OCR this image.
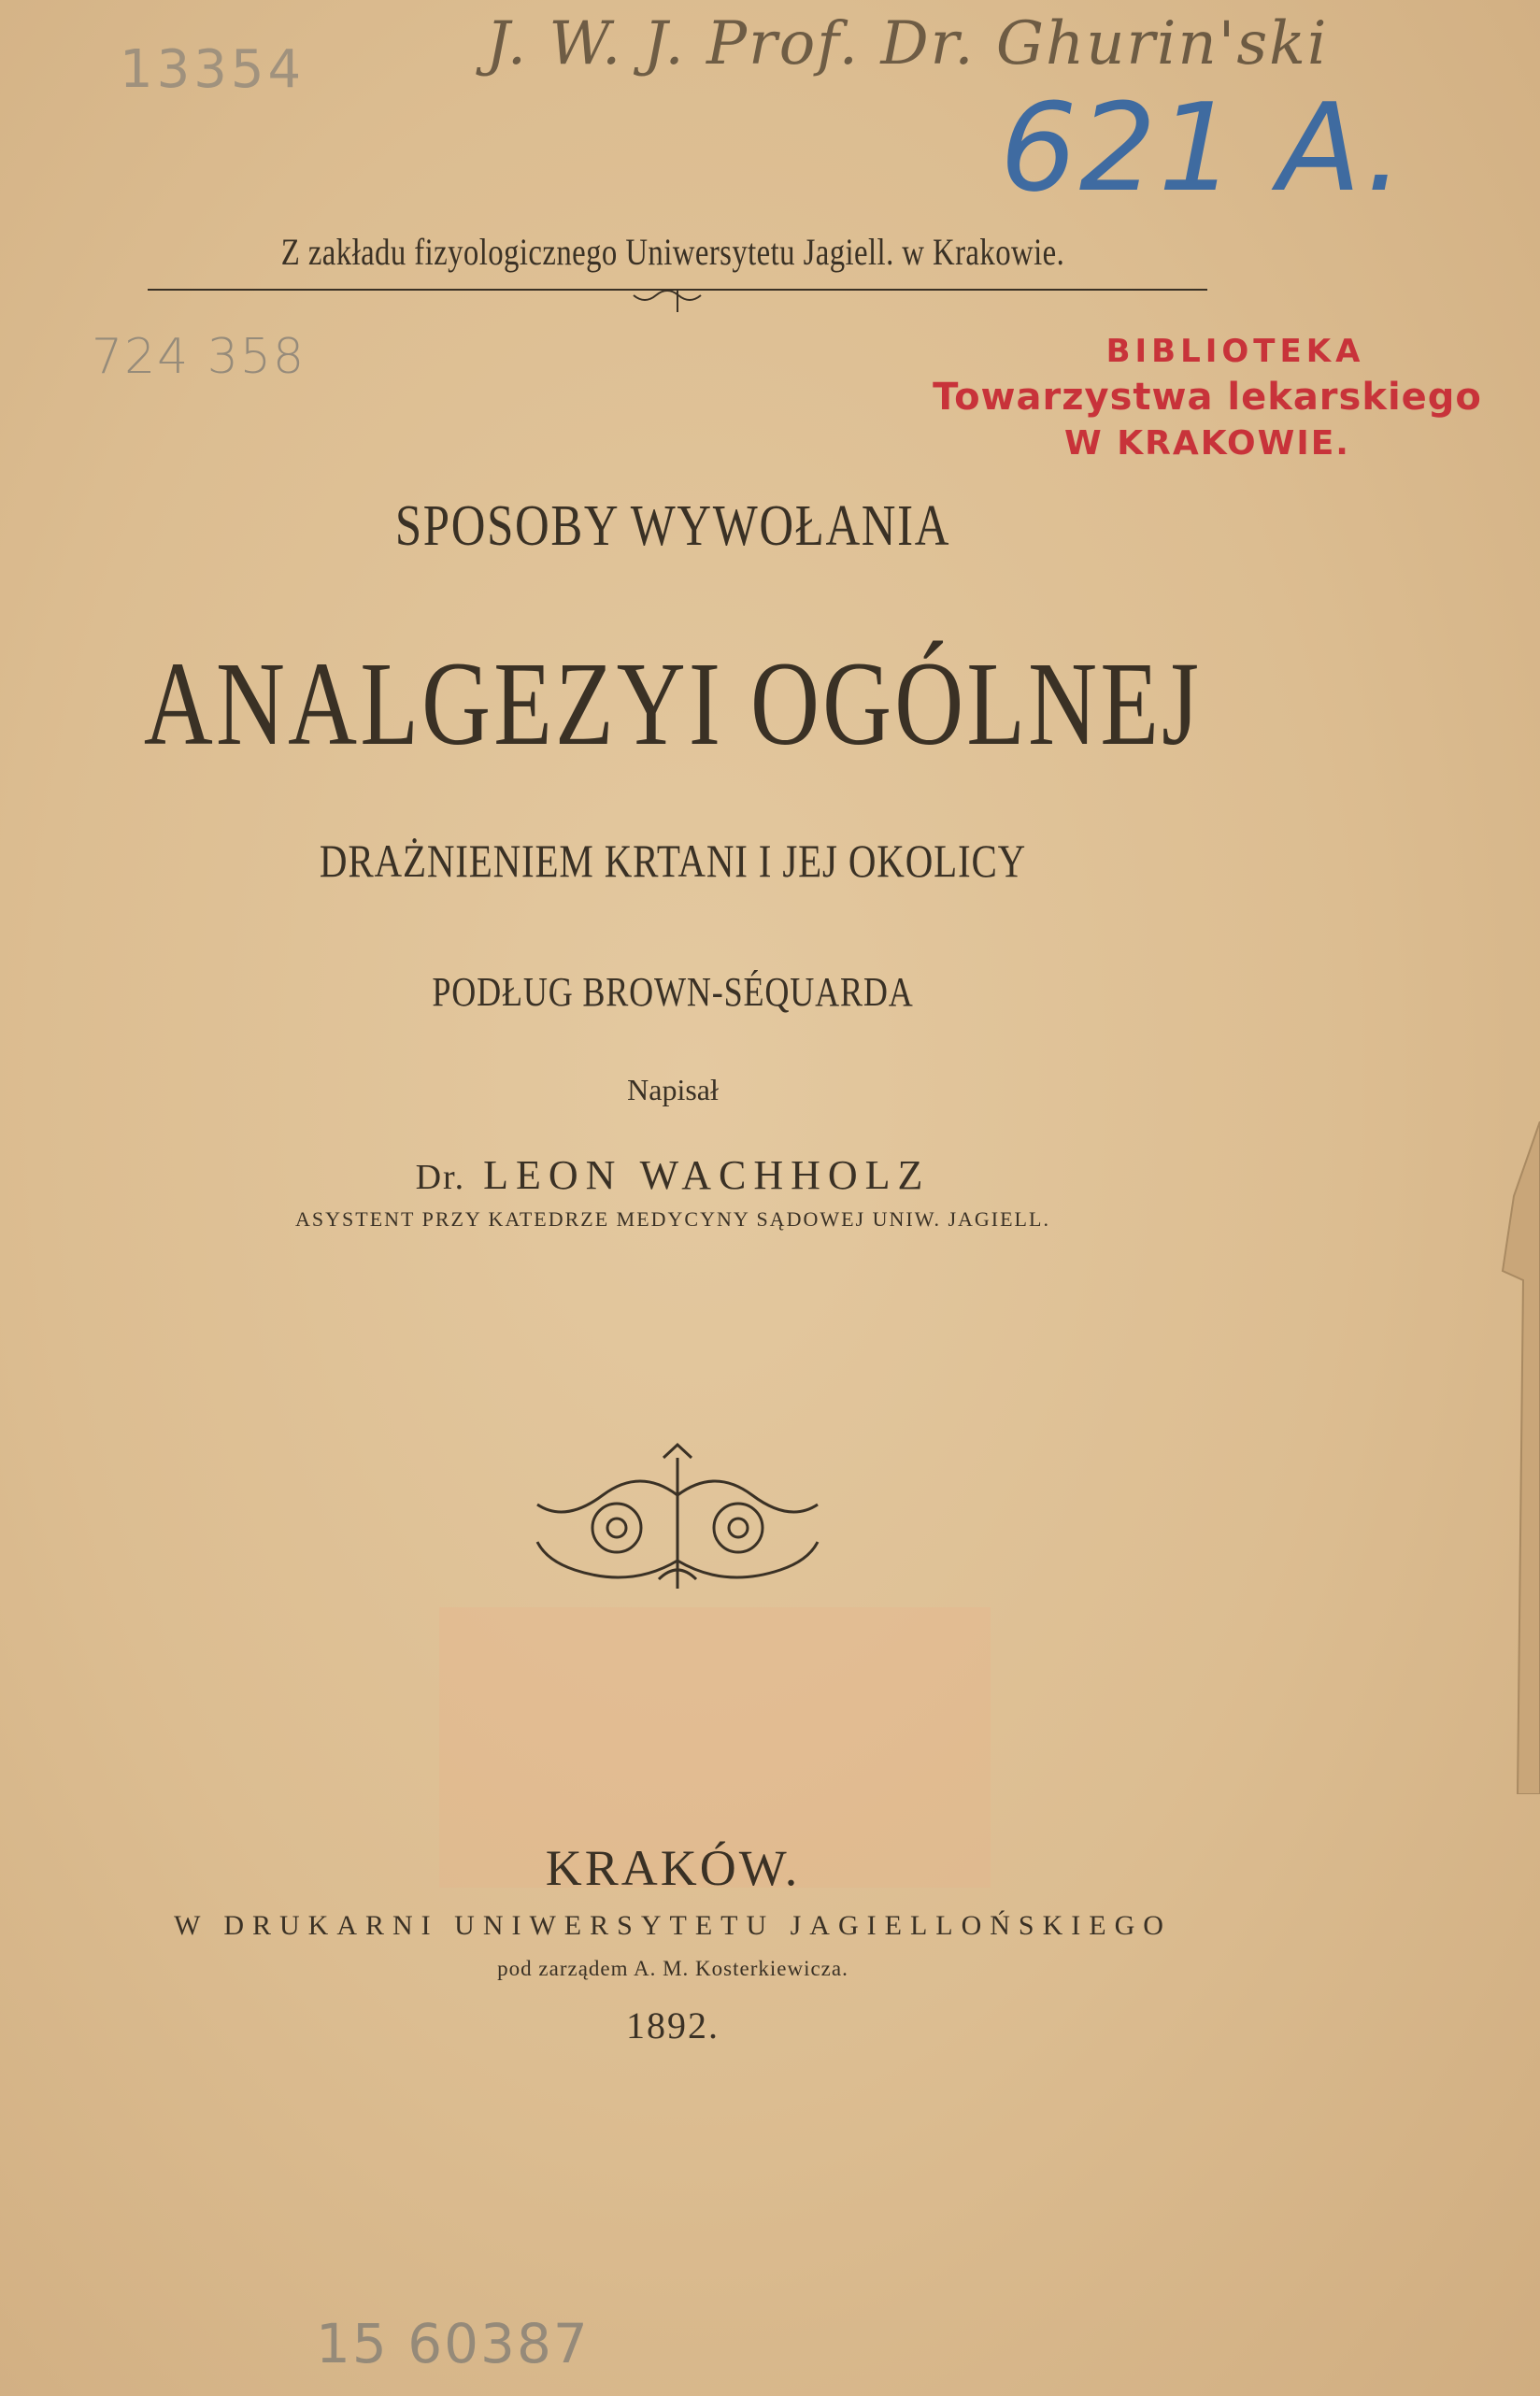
13354	J. W. J. Prof. Dr. Ghurin'ski
621 A.
Z zakładu fizyologicznego Uniwersytetu Jagiell. w Krakowie.
724 358	BIBLIOTEKA
Towarzystwa lekarskiego
W KRAKOWIE.
SPOSOBY WYWOŁANIA
ANALGEZYI OGÓLNEJ
DRAŻNIENIEM KRTANI I JEJ OKOLICY
PODŁUG BROWN-SÉQUARDA
Napisał
Dr. LEON WACHHOLZ
ASYSTENT PRZY KATEDRZE MEDYCYNY SĄDOWEJ UNIW. JAGIELL.
KRAKÓW.
W DRUKARNI UNIWERSYTETU JAGIELLOŃSKIEGO
pod zarządem A. M. Kosterkiewicza.
1892.
15 60387
